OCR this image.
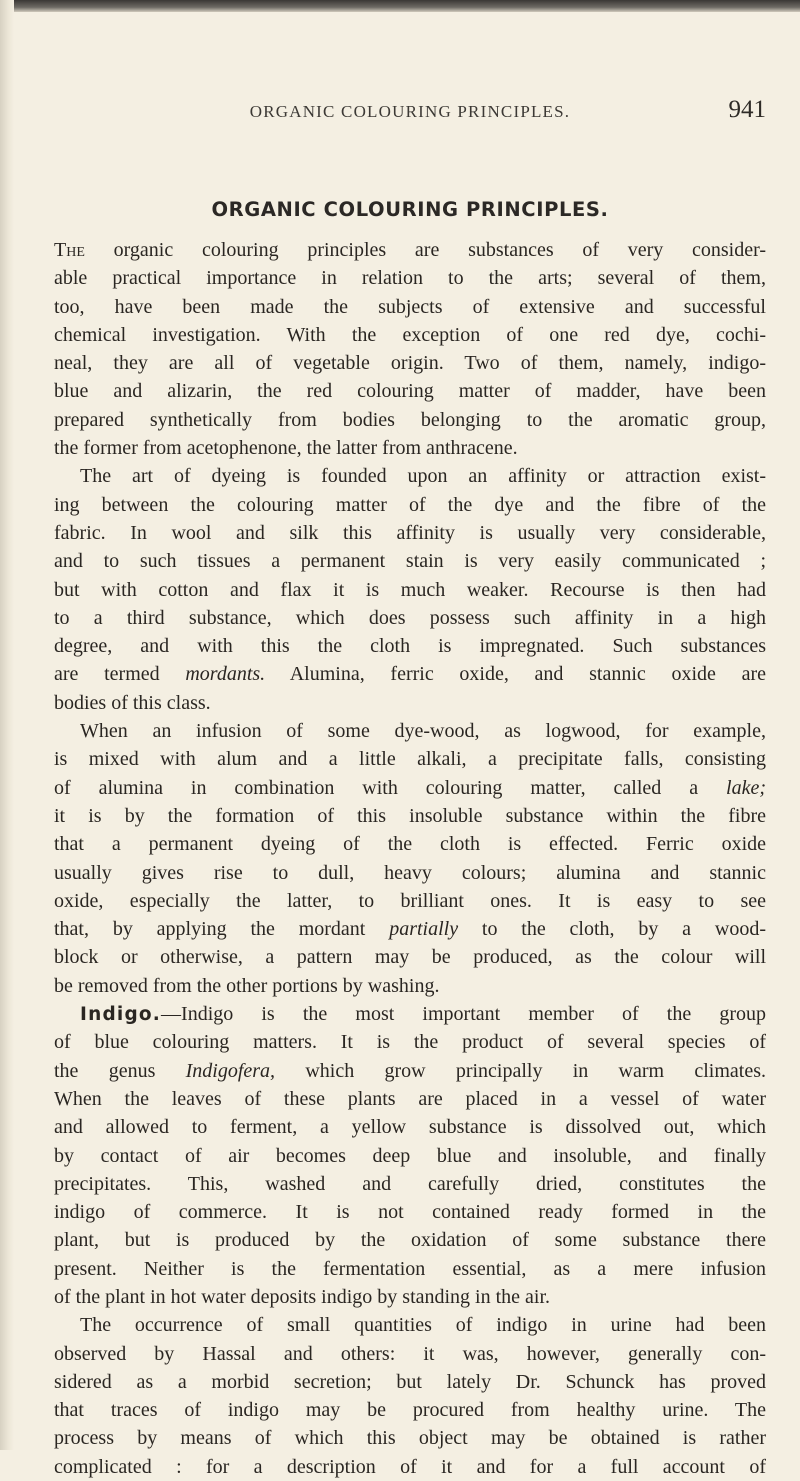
ORGANIC COLOURING PRINCIPLES.	941
ORGANIC COLOURING PRINCIPLES.
The organic colouring principles are substances of very consider-
able practical importance in relation to the arts; several of them,
too, have been made the subjects of extensive and successful
chemical investigation. With the exception of one red dye, cochi-
neal, they are all of vegetable origin. Two of them, namely, indigo-
blue and alizarin, the red colouring matter of madder, have been
prepared synthetically from bodies belonging to the aromatic group,
the former from acetophenone, the latter from anthracene.
The art of dyeing is founded upon an affinity or attraction exist-
ing between the colouring matter of the dye and the fibre of the
fabric. In wool and silk this affinity is usually very considerable,
and to such tissues a permanent stain is very easily communicated ;
but with cotton and flax it is much weaker. Recourse is then had
to a third substance, which does possess such affinity in a high
degree, and with this the cloth is impregnated. Such substances
are termed mordants. Alumina, ferric oxide, and stannic oxide are
bodies of this class.
When an infusion of some dye-wood, as logwood, for example,
is mixed with alum and a little alkali, a precipitate falls, consisting
of alumina in combination with colouring matter, called a lake;
it is by the formation of this insoluble substance within the fibre
that a permanent dyeing of the cloth is effected. Ferric oxide
usually gives rise to dull, heavy colours; alumina and stannic
oxide, especially the latter, to brilliant ones. It is easy to see
that, by applying the mordant partially to the cloth, by a wood-
block or otherwise, a pattern may be produced, as the colour will
be removed from the other portions by washing.
Indigo.—Indigo is the most important member of the group
of blue colouring matters. It is the product of several species of
the genus Indigofera, which grow principally in warm climates.
When the leaves of these plants are placed in a vessel of water
and allowed to ferment, a yellow substance is dissolved out, which
by contact of air becomes deep blue and insoluble, and finally
precipitates. This, washed and carefully dried, constitutes the
indigo of commerce. It is not contained ready formed in the
plant, but is produced by the oxidation of some substance there
present. Neither is the fermentation essential, as a mere infusion
of the plant in hot water deposits indigo by standing in the air.
The occurrence of small quantities of indigo in urine had been
observed by Hassal and others: it was, however, generally con-
sidered as a morbid secretion; but lately Dr. Schunck has proved
that traces of indigo may be procured from healthy urine. The
process by means of which this object may be obtained is rather
complicated : for a description of it and for a full account of
